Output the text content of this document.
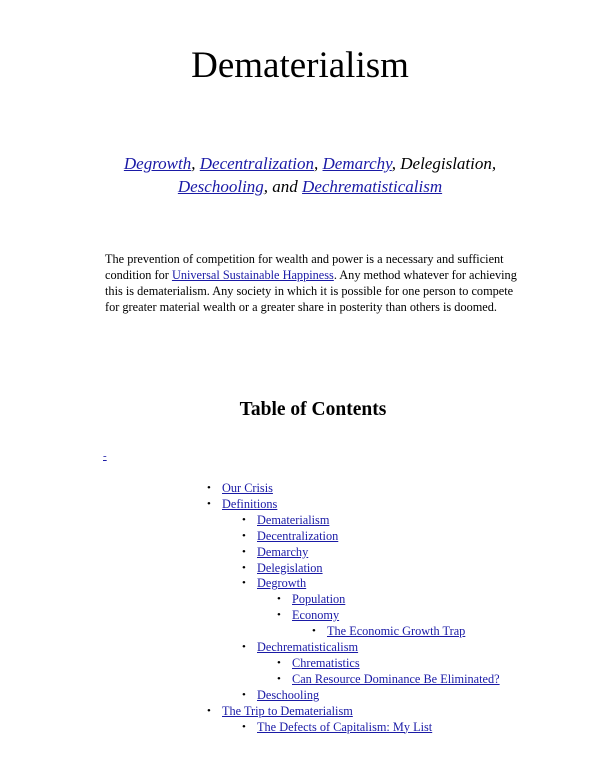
Dematerialism

Degrowth, Decentralization, Demarchy, Delegislation,
Deschooling, and Dechrematisticalism

The prevention of competition for wealth and power is a necessary and sufficient condition for Universal Sustainable Happiness. Any method whatever for achieving this is dematerialism. Any society in which it is possible for one person to compete for greater material wealth or a greater share in posterity than others is doomed.

Table of Contents
-
• Our Crisis
• Definitions
• Dematerialism
• Decentralization
• Demarchy
• Delegislation
• Degrowth
• Population
• Economy
• The Economic Growth Trap
• Dechrematisticalism
• Chrematistics
• Can Resource Dominance Be Eliminated?
• Deschooling
• The Trip to Dematerialism
• The Defects of Capitalism: My List
